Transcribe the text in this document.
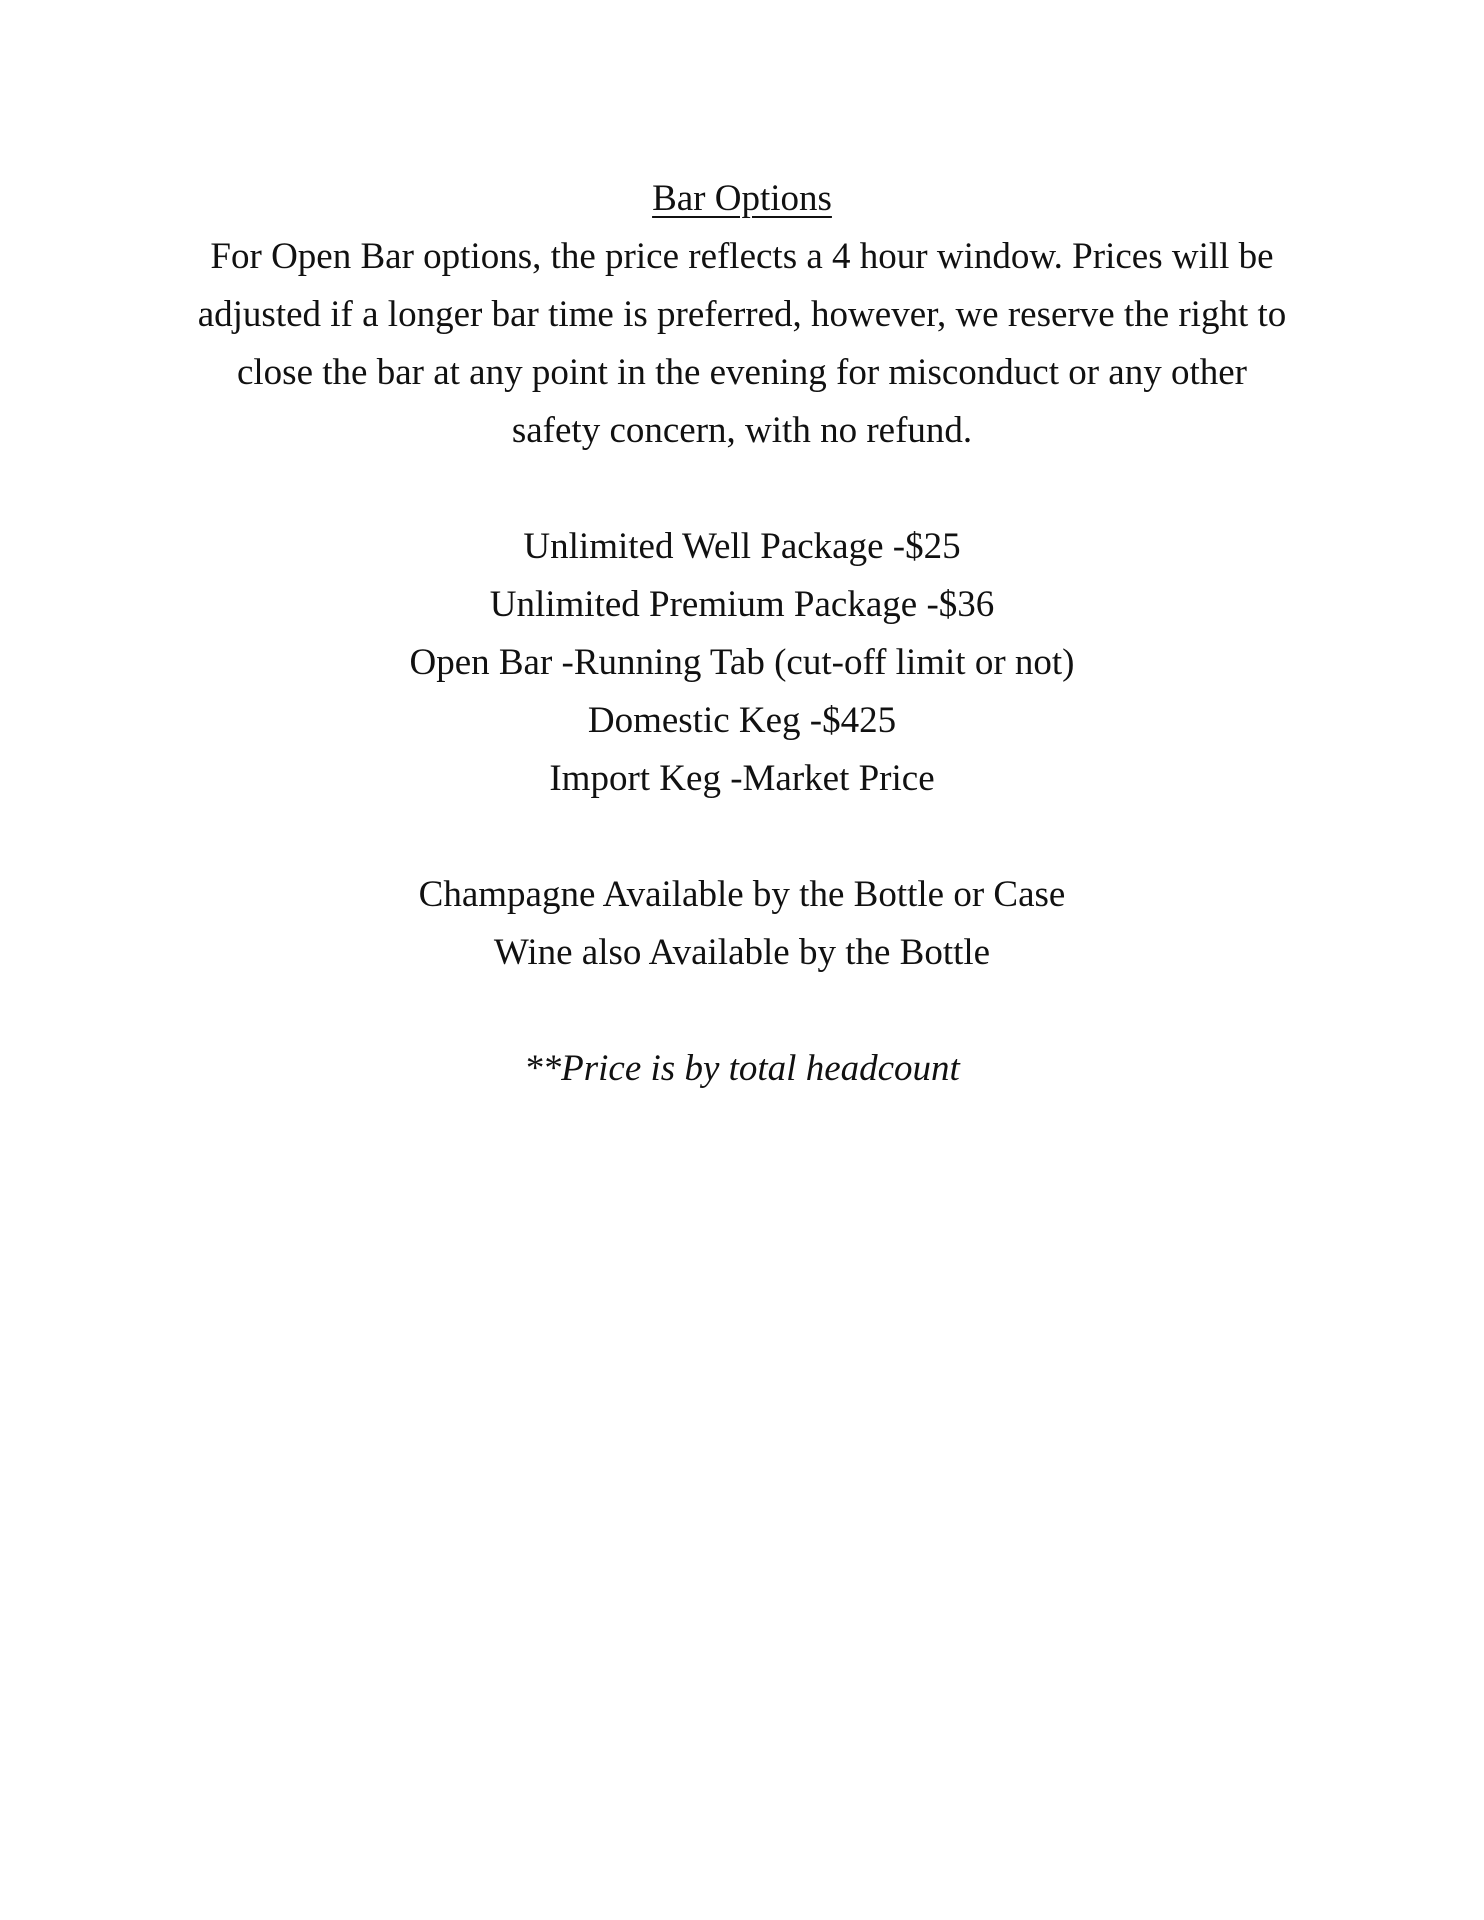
Bar Options

For Open Bar options, the price reflects a 4 hour window. Prices will be adjusted if a longer bar time is preferred, however, we reserve the right to close the bar at any point in the evening for misconduct or any other safety concern, with no refund.

Unlimited Well Package -$25
Unlimited Premium Package -$36
Open Bar -Running Tab (cut-off limit or not)
Domestic Keg -$425
Import Keg -Market Price

Champagne Available by the Bottle or Case

Wine also Available by the Bottle

**Price is by total headcount
